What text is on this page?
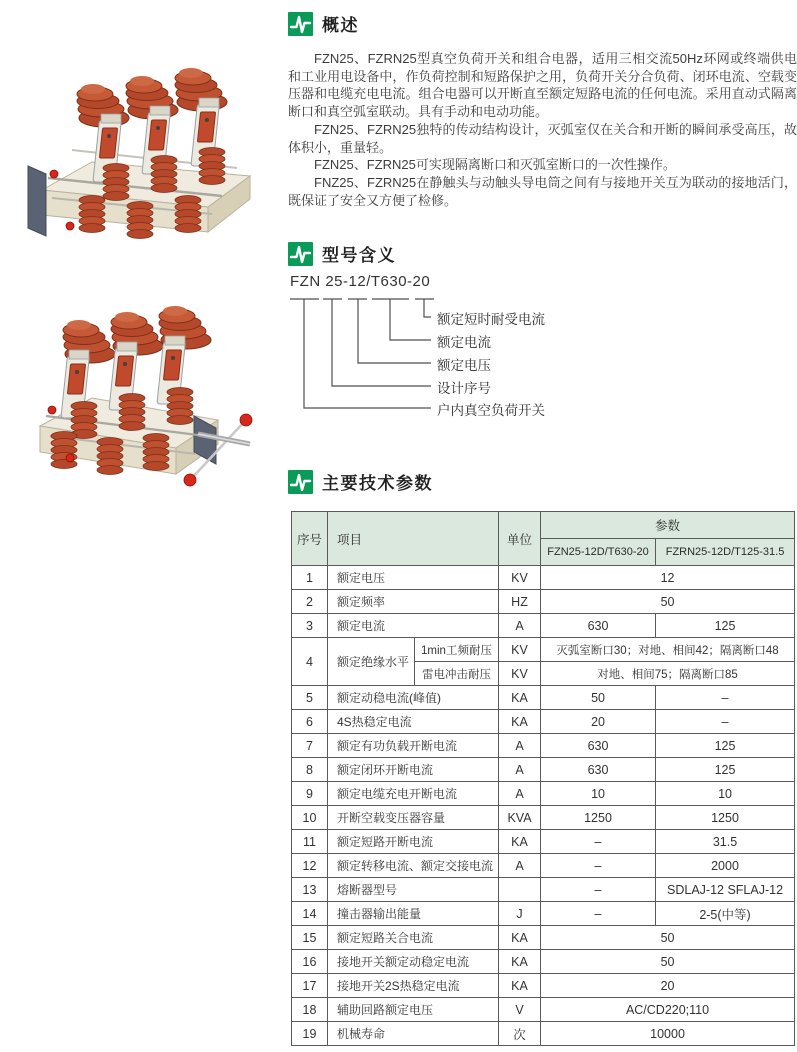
概述

FZN25、FZRN25型真空负荷开关和组合电器，适用三相交流50Hz环网或终端供电和工业用电设备中，作负荷控制和短路保护之用，负荷开关分合负荷、闭环电流、空载变压器和电缆充电电流。组合电器可以开断直至额定短路电流的任何电流。采用直动式隔离断口和真空弧室联动。具有手动和电动功能。

FZN25、FZRN25独特的传动结构设计，灭弧室仅在关合和开断的瞬间承受高压，故体积小，重量轻。

FZN25、FZRN25可实现隔离断口和灭弧室断口的一次性操作。

FNZ25、FZRN25在静触头与动触头导电筒之间有与接地开关互为联动的接地活门，既保证了安全又方便了检修。

型号含义
FZN 25-12/T630-20
额定短时耐受电流
额定电流
额定电压
设计序号
户内真空负荷开关
主要技术参数
序号	项目		单位	参数	
				FZN25-12D/T630-20	FZRN25-12D/T125-31.5
1	额定电压		KV	12	
2	额定频率		HZ	50	
3	额定电流		A	630	125
4	额定绝缘水平	1min工频耐压	KV	灭弧室断口30；对地、相间42；隔离断口48	
		雷电冲击耐压	KV	对地、相间75；隔离断口85	
5	额定动稳电流(峰值)		KA	50	–
6	4S热稳定电流		KA	20	–
7	额定有功负载开断电流		A	630	125
8	额定闭环开断电流		A	630	125
9	额定电缆充电开断电流		A	10	10
10	开断空载变压器容量		KVA	1250	1250
11	额定短路开断电流		KA	–	31.5
12	额定转移电流、额定交接电流		A	–	2000
13	熔断器型号			–	SDLAJ-12 SFLAJ-12
14	撞击器输出能量		J	–	2-5(中等)
15	额定短路关合电流		KA	50	
16	接地开关额定动稳定电流		KA	50	
17	接地开关2S热稳定电流		KA	20	
18	辅助回路额定电压		V	AC/CD220;110	
19	机械寿命		次	10000	
